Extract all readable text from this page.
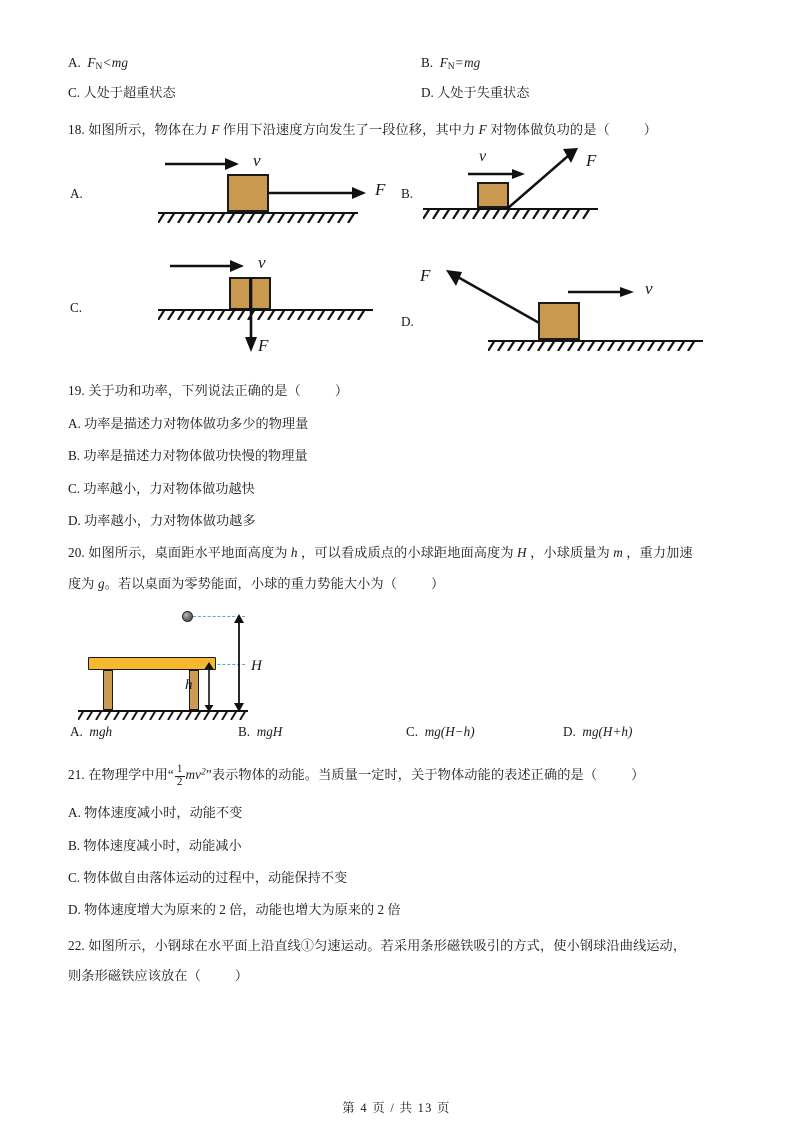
A. FN<mg	B. FN=mg
C. 人处于超重状态	D. 人处于失重状态

18. 如图所示，物体在力 F 作用下沿速度方向发生了一段位移，其中力 F 对物体做负功的是（	）

A.
v
F B.
v	F
C.
v
F
D.
F
v

19. 关于功和功率，下列说法正确的是（	）

A. 功率是描述力对物体做功多少的物理量

B. 功率是描述力对物体做功快慢的物理量

C. 功率越小，力对物体做功越快

D. 功率越小，力对物体做功越多

20. 如图所示，桌面距水平地面高度为 h ，可以看成质点的小球距地面高度为 H ，小球质量为 m ，重力加速

度为 g。若以桌面为零势能面，小球的重力势能大小为（	）

h
H
A. mgh	B. mgH	C. mg(H−h)	D. mg(H+h)

21. 在物理学中用“ $\frac{1}{2} mv^2$”表示物体的动能。当质量一定时，关于物体动能的表述正确的是（	）

A. 物体速度减小时，动能不变

B. 物体速度减小时，动能减小

C. 物体做自由落体运动的过程中，动能保持不变

D. 物体速度增大为原来的 2 倍，动能也增大为原来的 2 倍

22. 如图所示，小钢球在水平面上沿直线①匀速运动。若采用条形磁铁吸引的方式，使小钢球沿曲线运动，

则条形磁铁应该放在（	）

第 4 页 / 共 13 页
